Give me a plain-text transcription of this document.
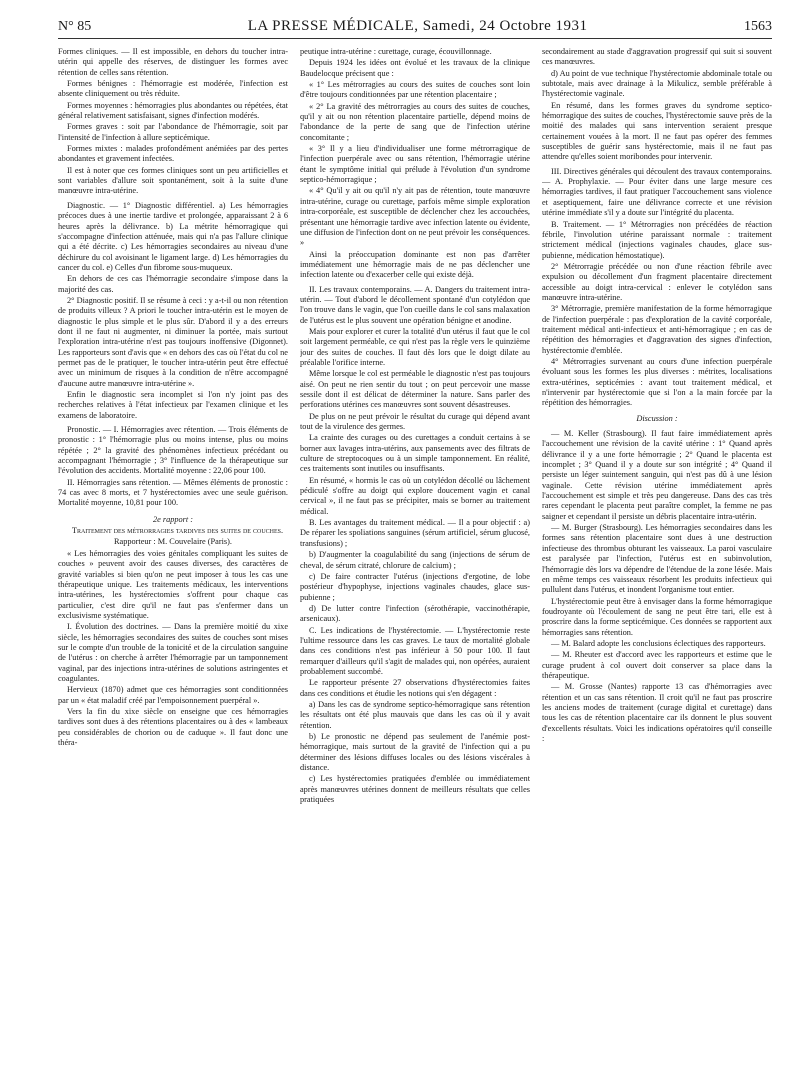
N° 85	LA PRESSE MÉDICALE, Samedi, 24 Octobre 1931	1563

Formes cliniques. — Il est impossible, en dehors du toucher intra-utérin qui appelle des réserves, de distinguer les formes avec rétention de celles sans rétention.

Formes bénignes : l'hémorragie est modérée, l'infection est absente cliniquement ou très réduite.

Formes moyennes : hémorragies plus abondantes ou répétées, état général relativement satisfaisant, signes d'infection modérés.

Formes graves : soit par l'abondance de l'hémorragie, soit par l'intensité de l'infection à allure septicémique.

Formes mixtes : malades profondément anémiées par des pertes abondantes et gravement infectées.

Il est à noter que ces formes cliniques sont un peu artificielles et sont variables d'allure soit spontanément, soit à la suite d'une manœuvre intra-utérine.

Diagnostic. — 1° Diagnostic différentiel. a) Les hémorragies précoces dues à une inertie tardive et prolongée, apparaissant 2 à 6 heures après la délivrance. b) La métrite hémorragique qui s'accompagne d'infection atténuée, mais qui n'a pas l'allure clinique qui a été décrite. c) Les hémorragies secondaires au niveau d'une déchirure du col avoisinant le ligament large. d) Les hémorragies du cancer du col. e) Celles d'un fibrome sous-muqueux.

En dehors de ces cas l'hémorragie secondaire s'impose dans la majorité des cas.

2° Diagnostic positif. Il se résume à ceci : y a-t-il ou non rétention de produits villeux ? A priori le toucher intra-utérin est le moyen de diagnostic le plus simple et le plus sûr. D'abord il y a des erreurs dont il ne faut ni augmenter, ni diminuer la portée, mais surtout l'exploration intra-utérine n'est pas toujours inoffensive (Digonnet). Les rapporteurs sont d'avis que « en dehors des cas où l'état du col ne permet pas de le pratiquer, le toucher intra-utérin peut être effectué avec un minimum de risques à la condition de n'être accompagné d'aucune autre manœuvre intra-utérine ».

Enfin le diagnostic sera incomplet si l'on n'y joint pas des recherches relatives à l'état infectieux par l'examen clinique et les examens de laboratoire.

Pronostic. — I. Hémorragies avec rétention. — Trois éléments de pronostic : 1° l'hémorragie plus ou moins intense, plus ou moins répétée ; 2° la gravité des phénomènes infectieux précédant ou accompagnant l'hémorragie ; 3° l'influence de la thérapeutique sur l'évolution des accidents. Mortalité moyenne : 22,06 pour 100.

II. Hémorragies sans rétention. — Mêmes éléments de pronostic : 74 cas avec 8 morts, et 7 hystérectomies avec une seule guérison. Mortalité moyenne, 10,81 pour 100.

2e rapport :

Traitement des métrorragies tardives des suites de couches.

Rapporteur : M. Couvelaire (Paris).

« Les hémorragies des voies génitales compliquant les suites de couches » peuvent avoir des causes diverses, des caractères de gravité variables si bien qu'on ne peut imposer à tous les cas une thérapeutique unique. Les traitements médicaux, les interventions intra-utérines, les hystérectomies s'offrent pour chaque cas particulier, c'est dire qu'il ne faut pas s'enfermer dans un exclusivisme systématique.

I. Évolution des doctrines. — Dans la première moitié du xixe siècle, les hémorragies secondaires des suites de couches sont mises sur le compte d'un trouble de la tonicité et de la circulation sanguine de l'utérus : on cherche à arrêter l'hémorragie par un tamponnement vaginal, par des injections intra-utérines de solutions astringentes et coagulantes.

Hervieux (1870) admet que ces hémorragies sont conditionnées par un « état maladif créé par l'empoisonnement puerpéral ».

Vers la fin du xixe siècle on enseigne que ces hémorragies tardives sont dues à des rétentions placentaires ou à des « lambeaux peu considérables de chorion ou de caduque ». Il faut donc une théra-

peutique intra-utérine : curettage, curage, écouvillonnage.

Depuis 1924 les idées ont évolué et les travaux de la clinique Baudelocque précisent que :

« 1° Les métrorragies au cours des suites de couches sont loin d'être toujours conditionnées par une rétention placentaire ;

« 2° La gravité des métrorragies au cours des suites de couches, qu'il y ait ou non rétention placentaire partielle, dépend moins de l'abondance de la perte de sang que de l'infection utérine concomitante ;

« 3° Il y a lieu d'individualiser une forme métrorragique de l'infection puerpérale avec ou sans rétention, l'hémorragie utérine étant le symptôme initial qui prélude à l'évolution d'un syndrome septico-hémorragique ;

« 4° Qu'il y ait ou qu'il n'y ait pas de rétention, toute manœuvre intra-utérine, curage ou curettage, parfois même simple exploration intra-corporéale, est susceptible de déclencher chez les accouchées, présentant une hémorragie tardive avec infection latente ou évidente, une diffusion de l'infection dont on ne peut prévoir les conséquences. »

Ainsi la préoccupation dominante est non pas d'arrêter immédiatement une hémorragie mais de ne pas déclencher une infection latente ou d'exacerber celle qui existe déjà.

II. Les travaux contemporains. — A. Dangers du traitement intra-utérin. — Tout d'abord le décollement spontané d'un cotylédon que l'on trouve dans le vagin, que l'on cueille dans le col sans malaxation de l'utérus est le plus souvent une opération bénigne et anodine.

Mais pour explorer et curer la totalité d'un utérus il faut que le col soit largement perméable, ce qui n'est pas la règle vers le quinzième jour des suites de couches. Il faut dès lors que le doigt dilate au préalable l'orifice interne.

Même lorsque le col est perméable le diagnostic n'est pas toujours aisé. On peut ne rien sentir du tout ; on peut percevoir une masse sessile dont il est délicat de déterminer la nature. Sans parler des perforations utérines ces manœuvres sont souvent désastreuses.

De plus on ne peut prévoir le résultat du curage qui dépend avant tout de la virulence des germes.

La crainte des curages ou des curettages a conduit certains à se borner aux lavages intra-utérins, aux pansements avec des filtrats de culture de streptocoques ou à un simple tamponnement. En réalité, ces traitements sont inutiles ou insuffisants.

En résumé, « hormis le cas où un cotylédon décollé ou lâchement pédiculé s'offre au doigt qui explore doucement vagin et canal cervical », il ne faut pas se précipiter, mais se borner au traitement médical.

B. Les avantages du traitement médical. — Il a pour objectif : a) De réparer les spoliations sanguines (sérum artificiel, sérum glucosé, transfusions) ;

b) D'augmenter la coagulabilité du sang (injections de sérum de cheval, de sérum citraté, chlorure de calcium) ;

c) De faire contracter l'utérus (injections d'ergotine, de lobe postérieur d'hypophyse, injections vaginales chaudes, glace sus-pubienne ;

d) De lutter contre l'infection (sérothérapie, vaccinothérapie, arsenicaux).

C. Les indications de l'hystérectomie. — L'hystérectomie reste l'ultime ressource dans les cas graves. Le taux de mortalité globale dans ces conditions n'est pas inférieur à 50 pour 100. Il faut remarquer d'ailleurs qu'il s'agit de malades qui, non opérées, auraient probablement succombé.

Le rapporteur présente 27 observations d'hystérectomies faites dans ces conditions et étudie les notions qui s'en dégagent :

a) Dans les cas de syndrome septico-hémorragique sans rétention les résultats ont été plus mauvais que dans les cas où il y avait rétention.

b) Le pronostic ne dépend pas seulement de l'anémie post-hémorragique, mais surtout de la gravité de l'infection qui a pu déterminer des lésions diffuses locales ou des lésions viscérales à distance.

c) Les hystérectomies pratiquées d'emblée ou immédiatement après manœuvres utérines donnent de meilleurs résultats que celles pratiquées

secondairement au stade d'aggravation progressif qui suit si souvent ces manœuvres.

d) Au point de vue technique l'hystérectomie abdominale totale ou subtotale, mais avec drainage à la Mikulicz, semble préférable à l'hystérectomie vaginale.

En résumé, dans les formes graves du syndrome septico-hémorragique des suites de couches, l'hystérectomie sauve près de la moitié des malades qui sans intervention seraient presque certainement vouées à la mort. Il ne faut pas opérer des femmes susceptibles de guérir sans hystérectomie, mais il ne faut pas attendre qu'elles soient moribondes pour intervenir.

III. Directives générales qui découlent des travaux contemporains. — A. Prophylaxie. — Pour éviter dans une large mesure ces hémorragies tardives, il faut pratiquer l'accouchement sans violence et aseptiquement, faire une délivrance correcte et une révision utérine immédiate s'il y a doute sur l'intégrité du placenta.

B. Traitement. — 1° Métrorragies non précédées de réaction fébrile, l'involution utérine paraissant normale : traitement strictement médical (injections vaginales chaudes, glace sus-pubienne, médication hémostatique).

2° Métrorragie précédée ou non d'une réaction fébrile avec expulsion ou décollement d'un fragment placentaire directement accessible au doigt intra-cervical : enlever le cotylédon sans manœuvre intra-utérine.

3° Métrorragie, première manifestation de la forme hémorragique de l'infection puerpérale : pas d'exploration de la cavité corporéale, traitement médical anti-infectieux et anti-hémorragique ; en cas de répétition des hémorragies et d'aggravation des signes d'infection, hystérectomie d'emblée.

4° Métrorragies survenant au cours d'une infection puerpérale évoluant sous les formes les plus diverses : métrites, localisations extra-utérines, septicémies : avant tout traitement médical, et n'intervenir par hystérectomie que si l'on a la main forcée par la répétition des hémorragies.

Discussion :

— M. Keller (Strasbourg). Il faut faire immédiatement après l'accouchement une révision de la cavité utérine : 1° Quand après délivrance il y a une forte hémorragie ; 2° Quand le placenta est incomplet ; 3° Quand il y a doute sur son intégrité ; 4° Quand il persiste un léger suintement sanguin, qui n'est pas dû à une lésion vaginale. Cette révision utérine immédiatement après l'accouchement est simple et très peu dangereuse. Dans des cas très rares cependant le placenta peut paraître complet, la femme ne pas saigner et cependant il persiste un débris placentaire intra-utérin.

— M. Burger (Strasbourg). Les hémorragies secondaires dans les formes sans rétention placentaire sont dues à une destruction infectieuse des thrombus obturant les vaisseaux. La paroi vasculaire est paralysée par l'infection, l'utérus est en subinvolution, l'hémorragie dès lors va dépendre de l'étendue de la zone lésée. Mais en même temps ces vaisseaux résorbent les produits infectieux qui pullulent dans l'utérus, et inondent l'organisme tout entier.

L'hystérectomie peut être à envisager dans la forme hémorragique foudroyante où l'écoulement de sang ne peut être tari, elle est à proscrire dans la forme septicémique. Ces données se rapportent aux hémorragies sans rétention.

— M. Balard adopte les conclusions éclectiques des rapporteurs.

— M. Rheuter est d'accord avec les rapporteurs et estime que le curage prudent à col ouvert doit conserver sa place dans la thérapeutique.

— M. Grosse (Nantes) rapporte 13 cas d'hémorragies avec rétention et un cas sans rétention. Il croit qu'il ne faut pas proscrire les anciens modes de traitement (curage digital et curettage) dans tous les cas de rétention placentaire car ils donnent le plus souvent d'excellents résultats. Voici les indications opératoires qu'il conseille :
